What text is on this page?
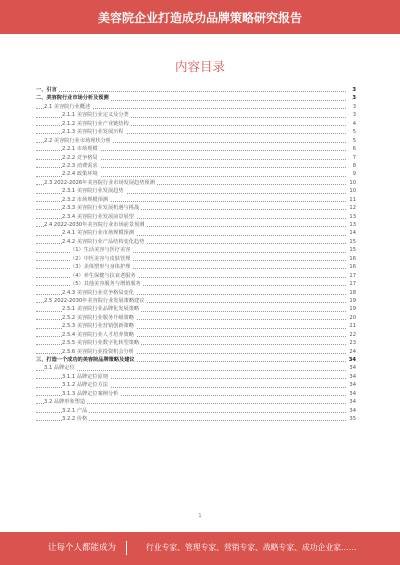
美容院企业打造成功品牌策略研究报告
内容目录
一、引言	3
二、美容院行业市场分析及预测	3
2.1 美容院行业概述	3
2.1.1 美容院行业定义及分类	3
2.1.2 美容院行业产业链结构	4
2.1.3 美容院行业发展历程	5
2.2 美容院行业市场现状分析	5
2.2.1 市场规模	6
2.2.2 竞争格局	7
2.2.3 消费需求	8
2.2.4 政策环境	9
2.3 2022-2026年美容院行业市场发展趋势预测	10
2.3.1 美容院行业发展趋势	10
2.3.2 市场规模预测	11
2.3.3 美容院行业发展机遇与挑战	12
2.3.4 美容院行业发展前景展望	13
2.4 2022-2030年美容院行业市场前景预测	13
2.4.1 美容院行业市场规模预测	14
2.4.2 美容院行业产品结构变化趋势	15
（1）生活美容与医疗美容	15
（2）中医美容与皮肤管理	16
（3）美体塑形与身体护理	16
（4）养生保健与抗衰老服务	17
（5）其他美容服务与增值服务	17
2.4.3 美容院行业竞争格局变化	18
2.5 2022-2030年美容院行业发展策略建议	19
2.5.1 美容院行业品牌化发展策略	19
2.5.2 美容院行业服务升级策略	20
2.5.3 美容院行业营销创新策略	21
2.5.4 美容院行业人才培养策略	22
2.5.5 美容院行业数字化转型策略	23
2.5.6 美容院行业投资机会分析	24
三、打造一个成功的美容院品牌策略及建议	34
3.1 品牌定位	34
3.1.1 品牌定位原则	34
3.1.2 品牌定位方法	34
3.1.3 品牌定位案例分析	34
3.2 品牌形象塑造	34
3.2.1 产品	34
3.2.2 价格	35
1
让每个人都能成为	行业专家、管理专家、营销专家、战略专家、成功企业家……
